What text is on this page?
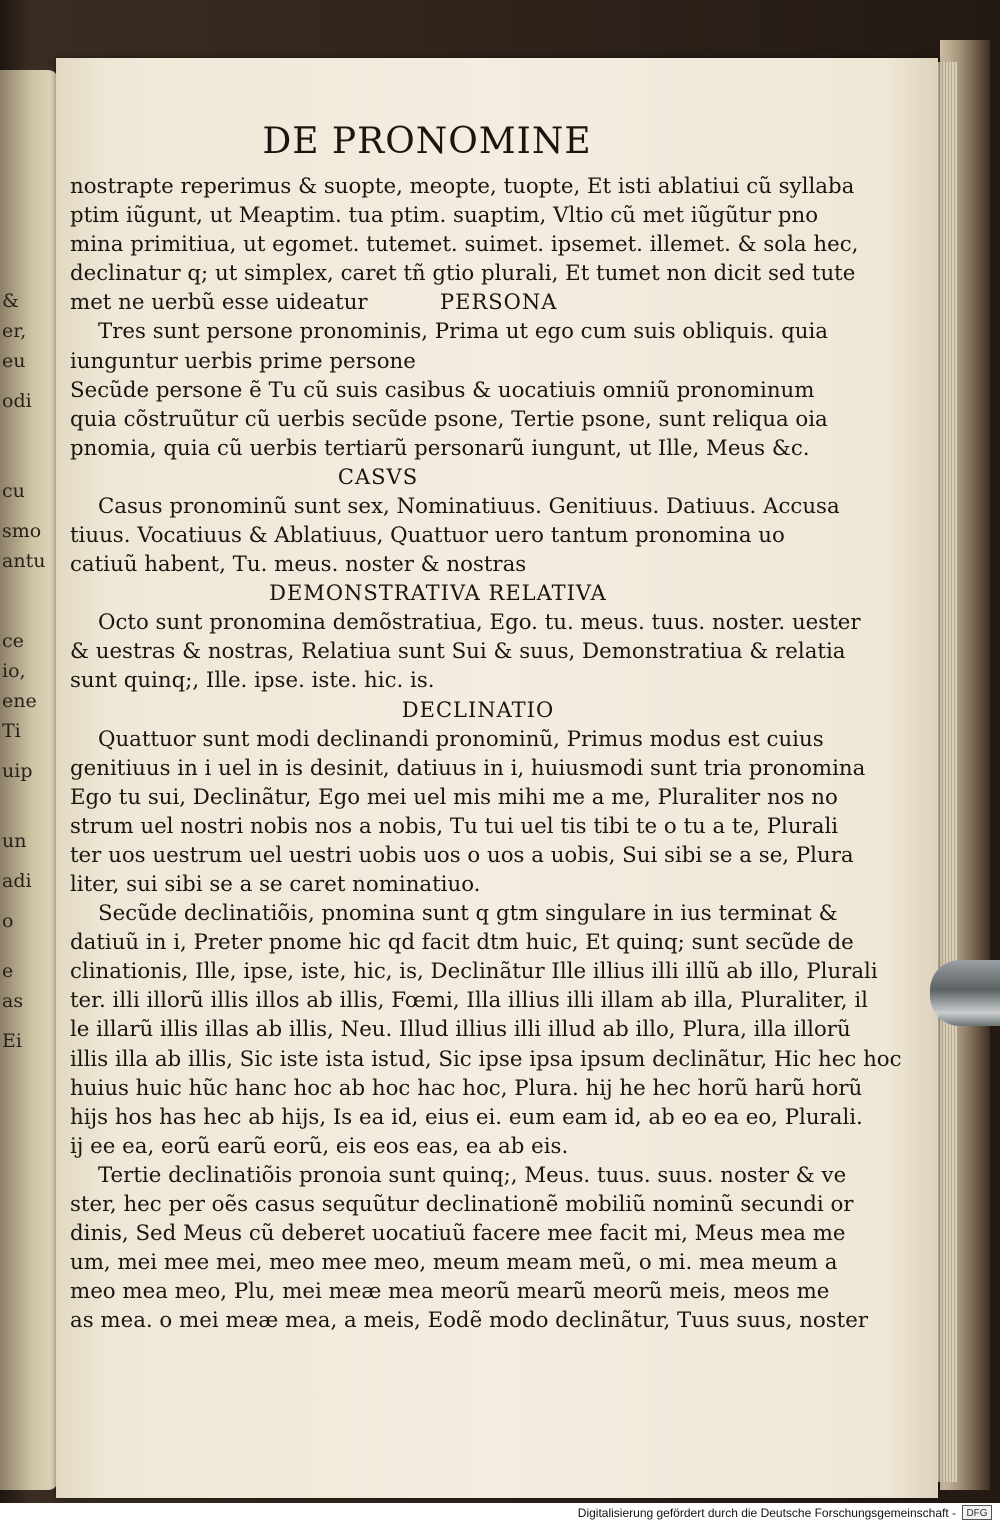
&
er,
eu
odi
cu
smo
antu
ce
io,
ene
Ti
uip
un
adi
o
e
as
Ei
DE PRONOMINE
nostrapte reperimus & suopte, meopte, tuopte, Et isti ablatiui cũ syllaba
ptim iũgunt, ut Meaptim. tua ptim. suaptim, Vltio cũ met iũgũtur pno
mina primitiua, ut egomet. tutemet. suimet. ipsemet. illemet. & sola hec,
declinatur q; ut simplex, caret tñ gtio plurali, Et tumet non dicit sed tute
met ne uerbũ esse uideatur	PERSONA
Tres sunt persone pronominis, Prima ut ego cum suis obliquis. quia
iunguntur uerbis prime persone
Secũde persone ẽ Tu cũ suis casibus & uocatiuis omniũ pronominum
quia cõstruũtur cũ uerbis secũde psone, Tertie psone, sunt reliqua oia
pnomia, quia cũ uerbis tertiarũ personarũ iungunt, ut Ille, Meus &c.
CASVS
Casus pronominũ sunt sex, Nominatiuus. Genitiuus. Datiuus. Accusa
tiuus. Vocatiuus & Ablatiuus, Quattuor uero tantum pronomina uo
catiuũ habent, Tu. meus. noster & nostras
DEMONSTRATIVA RELATIVA
Octo sunt pronomina demõstratiua, Ego. tu. meus. tuus. noster. uester
& uestras & nostras, Relatiua sunt Sui & suus, Demonstratiua & relatia
sunt quinq;, Ille. ipse. iste. hic. is.
DECLINATIO
Quattuor sunt modi declinandi pronominũ, Primus modus est cuius
genitiuus in i uel in is desinit, datiuus in i, huiusmodi sunt tria pronomina
Ego tu sui, Declinãtur, Ego mei uel mis mihi me a me, Pluraliter nos no
strum uel nostri nobis nos a nobis, Tu tui uel tis tibi te o tu a te, Plurali
ter uos uestrum uel uestri uobis uos o uos a uobis, Sui sibi se a se, Plura
liter, sui sibi se a se caret nominatiuo.
Secũde declinatiõis, pnomina sunt q gtm singulare in ius terminat &
datiuũ in i, Preter pnome hic qd facit dtm huic, Et quinq; sunt secũde de
clinationis, Ille, ipse, iste, hic, is, Declinãtur Ille illius illi illũ ab illo, Plurali
ter. illi illorũ illis illos ab illis, Fœmi, Illa illius illi illam ab illa, Pluraliter, il
le illarũ illis illas ab illis, Neu. Illud illius illi illud ab illo, Plura, illa illorũ
illis illa ab illis, Sic iste ista istud, Sic ipse ipsa ipsum declinãtur, Hic hec hoc
huius huic hũc hanc hoc ab hoc hac hoc, Plura. hij he hec horũ harũ horũ
hijs hos has hec ab hijs, Is ea id, eius ei. eum eam id, ab eo ea eo, Plurali.
ij ee ea, eorũ earũ eorũ, eis eos eas, ea ab eis.
Tertie declinatiõis pronoia sunt quinq;, Meus. tuus. suus. noster & ve
ster, hec per oẽs casus sequũtur declinationẽ mobiliũ nominũ secundi or
dinis, Sed Meus cũ deberet uocatiuũ facere mee facit mi, Meus mea me
um, mei mee mei, meo mee meo, meum meam meũ, o mi. mea meum a
meo mea meo, Plu, mei meæ mea meorũ mearũ meorũ meis, meos me
as mea. o mei meæ mea, a meis, Eodẽ modo declinãtur, Tuus suus, noster
Digitalisierung gefördert durch die Deutsche Forschungsgemeinschaft -	DFG
